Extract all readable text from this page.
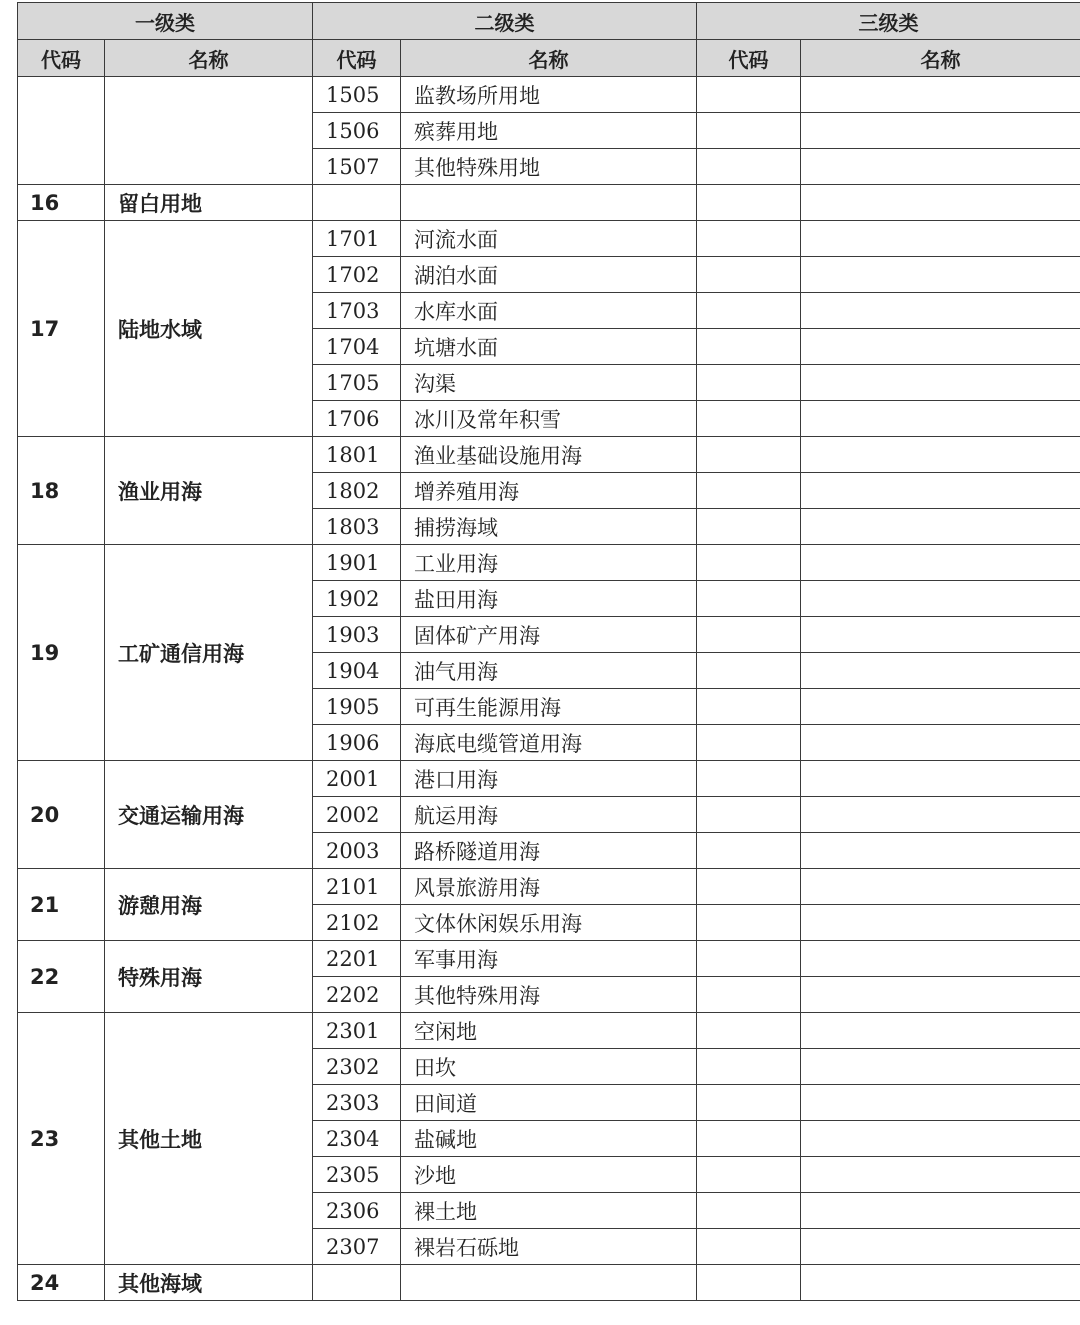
一级类		二级类		三级类	
代码	名称	代码	名称	代码	名称
		1505	监教场所用地		
		1506	殡葬用地		
		1507	其他特殊用地		
16	留白用地				
17	陆地水域	1701	河流水面		
		1702	湖泊水面		
		1703	水库水面		
		1704	坑塘水面		
		1705	沟渠		
		1706	冰川及常年积雪		
18	渔业用海	1801	渔业基础设施用海		
		1802	增养殖用海		
		1803	捕捞海域		
19	工矿通信用海	1901	工业用海		
		1902	盐田用海		
		1903	固体矿产用海		
		1904	油气用海		
		1905	可再生能源用海		
		1906	海底电缆管道用海		
20	交通运输用海	2001	港口用海		
		2002	航运用海		
		2003	路桥隧道用海		
21	游憩用海	2101	风景旅游用海		
		2102	文体休闲娱乐用海		
22	特殊用海	2201	军事用海		
		2202	其他特殊用海		
23	其他土地	2301	空闲地		
		2302	田坎		
		2303	田间道		
		2304	盐碱地		
		2305	沙地		
		2306	裸土地		
		2307	裸岩石砾地		
24	其他海域				
